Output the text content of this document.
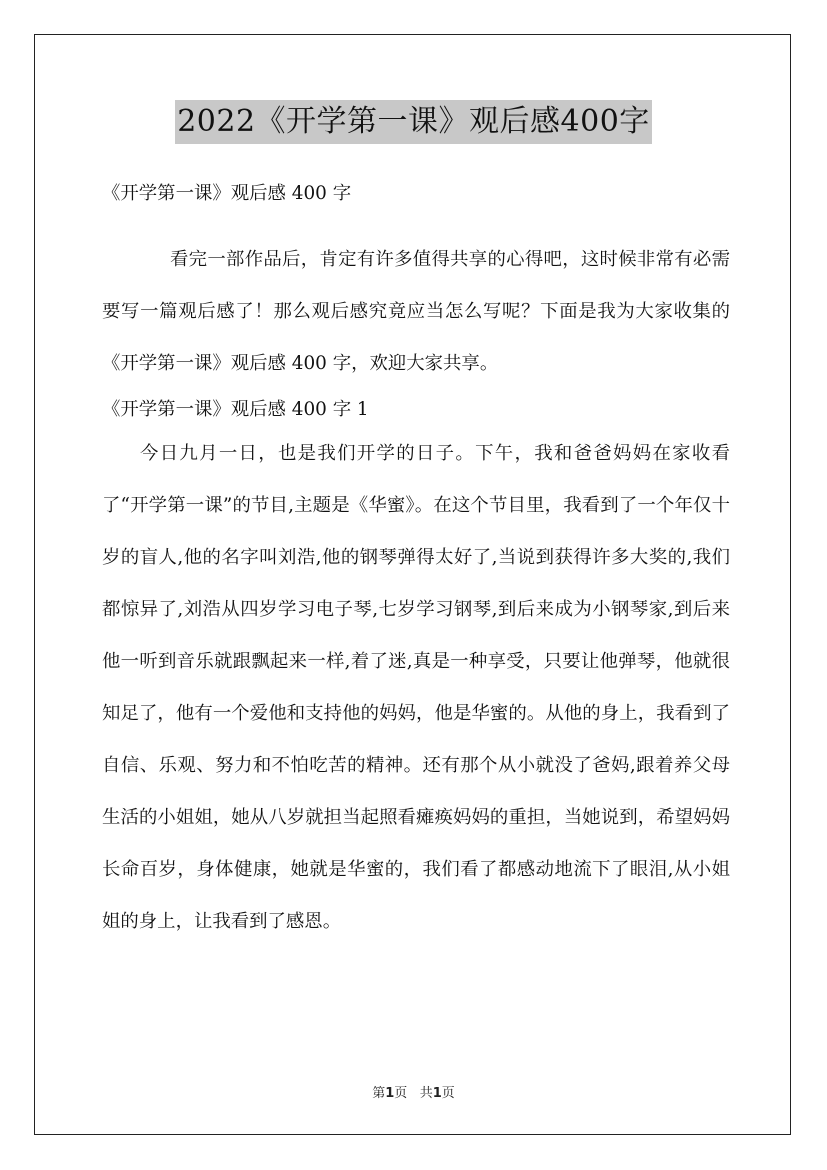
2022《开学第一课》观后感400字

《开学第一课》观后感 400 字

看完一部作品后，肯定有许多值得共享的心得吧，这时候非常有必需要写一篇观后感了！那么观后感究竟应当怎么写呢？下面是我为大家收集的《开学第一课》观后感 400 字，欢迎大家共享。

《开学第一课》观后感 400 字 1

今日九月一日，也是我们开学的日子。下午，我和爸爸妈妈在家收看了“开学第一课”的节目,主题是《华蜜》。在这个节目里，我看到了一个年仅十岁的盲人,他的名字叫刘浩,他的钢琴弹得太好了,当说到获得许多大奖的,我们都惊异了,刘浩从四岁学习电子琴,七岁学习钢琴,到后来成为小钢琴家,到后来他一听到音乐就跟飘起来一样,着了迷,真是一种享受，只要让他弹琴，他就很知足了，他有一个爱他和支持他的妈妈，他是华蜜的。从他的身上，我看到了自信、乐观、努力和不怕吃苦的精神。还有那个从小就没了爸妈,跟着养父母生活的小姐姐，她从八岁就担当起照看瘫痪妈妈的重担，当她说到，希望妈妈长命百岁，身体健康，她就是华蜜的，我们看了都感动地流下了眼泪,从小姐姐的身上，让我看到了感恩。

第1页 共1页
